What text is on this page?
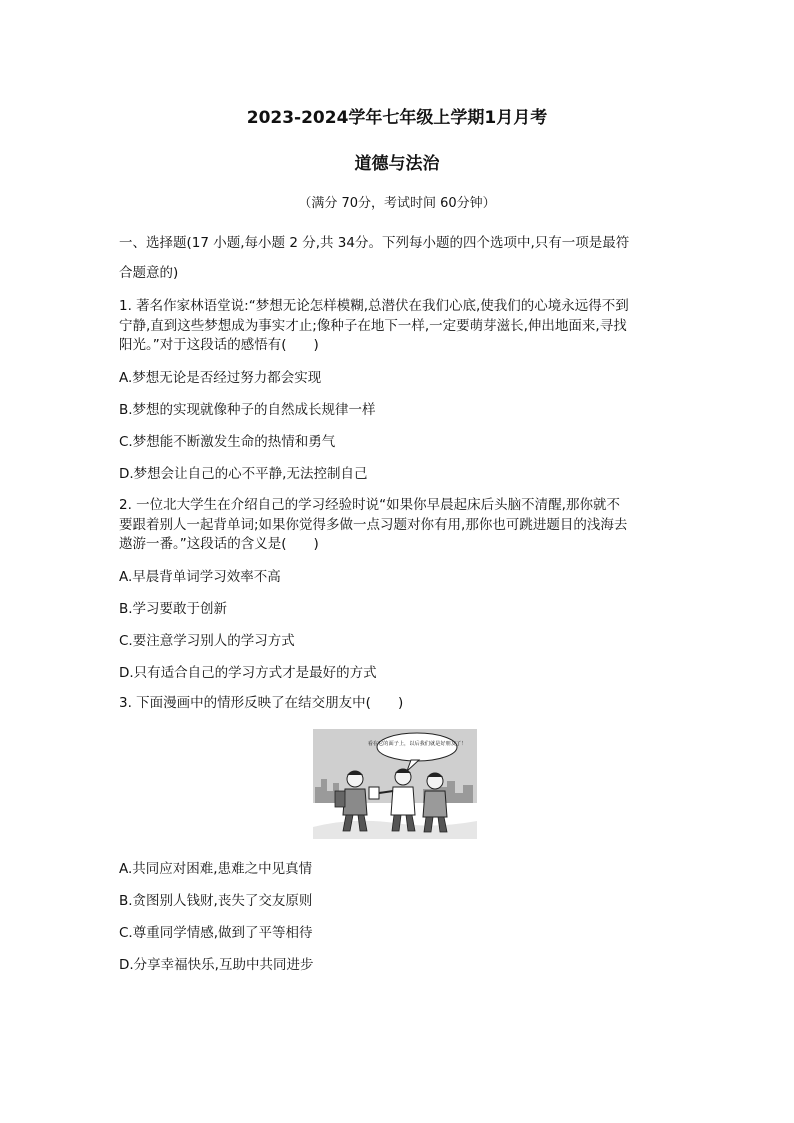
2023-2024学年七年级上学期1月月考
道德与法治
（满分 70分，考试时间 60分钟）
一、选择题(17 小题,每小题 2 分,共 34分。下列每小题的四个选项中,只有一项是最符
合题意的)
1. 著名作家林语堂说:“梦想无论怎样模糊,总潜伏在我们心底,使我们的心境永远得不到
宁静,直到这些梦想成为事实才止;像种子在地下一样,一定要萌芽滋长,伸出地面来,寻找
阳光。”对于这段话的感悟有(　　)
A.梦想无论是否经过努力都会实现
B.梦想的实现就像种子的自然成长规律一样
C.梦想能不断激发生命的热情和勇气
D.梦想会让自己的心不平静,无法控制自己
2. 一位北大学生在介绍自己的学习经验时说“如果你早晨起床后头脑不清醒,那你就不
要跟着别人一起背单词;如果你觉得多做一点习题对你有用,那你也可跳进题目的浅海去
遨游一番。”这段话的含义是(　　)
A.早晨背单词学习效率不高
B.学习要敢于创新
C.要注意学习别人的学习方式
D.只有适合自己的学习方式才是最好的方式
3. 下面漫画中的情形反映了在结交朋友中(　　)
看在它的面子上，以后我们就是好朋友了！
A.共同应对困难,患难之中见真情
B.贪图别人钱财,丧失了交友原则
C.尊重同学情感,做到了平等相待
D.分享幸福快乐,互助中共同进步
